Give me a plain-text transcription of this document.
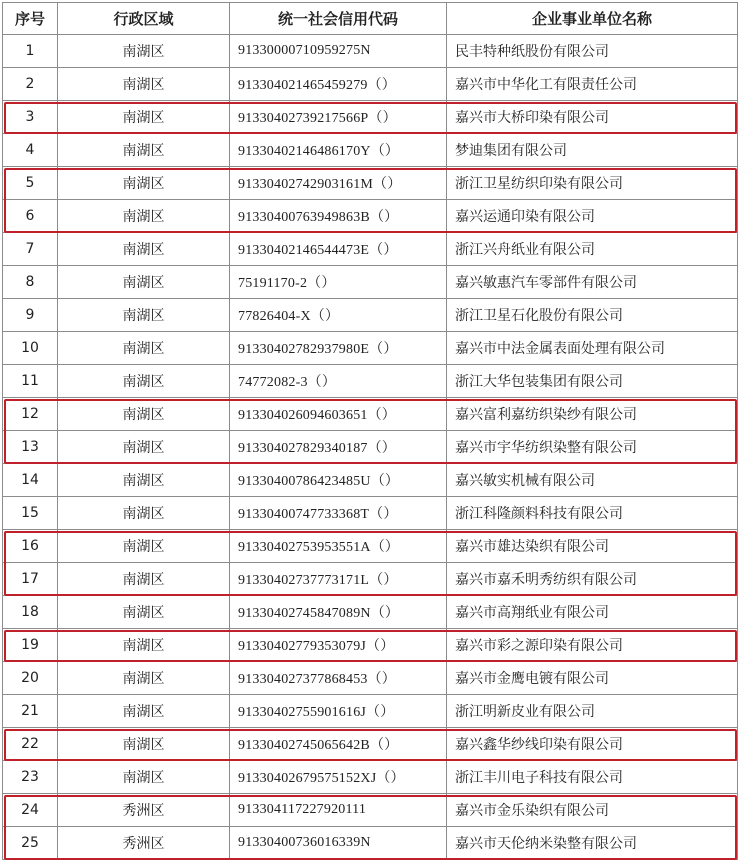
序号	行政区域	统一社会信用代码	企业事业单位名称
1	南湖区	91330000710959275N	民丰特种纸股份有限公司
2	南湖区	913304021465459279（）	嘉兴市中华化工有限责任公司
3	南湖区	91330402739217566P（）	嘉兴市大桥印染有限公司
4	南湖区	91330402146486170Y（）	梦迪集团有限公司
5	南湖区	91330402742903161M（）	浙江卫星纺织印染有限公司
6	南湖区	91330400763949863B（）	嘉兴运通印染有限公司
7	南湖区	91330402146544473E（）	浙江兴舟纸业有限公司
8	南湖区	75191170-2（）	嘉兴敏惠汽车零部件有限公司
9	南湖区	77826404-X（）	浙江卫星石化股份有限公司
10	南湖区	91330402782937980E（）	嘉兴市中法金属表面处理有限公司
11	南湖区	74772082-3（）	浙江大华包装集团有限公司
12	南湖区	913304026094603651（）	嘉兴富利嘉纺织染纱有限公司
13	南湖区	913304027829340187（）	嘉兴市宇华纺织染整有限公司
14	南湖区	91330400786423485U（）	嘉兴敏实机械有限公司
15	南湖区	91330400747733368T（）	浙江科隆颜料科技有限公司
16	南湖区	91330402753953551A（）	嘉兴市雄达染织有限公司
17	南湖区	91330402737773171L（）	嘉兴市嘉禾明秀纺织有限公司
18	南湖区	91330402745847089N（）	嘉兴市高翔纸业有限公司
19	南湖区	91330402779353079J（）	嘉兴市彩之源印染有限公司
20	南湖区	913304027377868453（）	嘉兴市金鹰电镀有限公司
21	南湖区	91330402755901616J（）	浙江明新皮业有限公司
22	南湖区	91330402745065642B（）	嘉兴鑫华纱线印染有限公司
23	南湖区	91330402679575152XJ（）	浙江丰川电子科技有限公司
24	秀洲区	913304117227920111	嘉兴市金乐染织有限公司
25	秀洲区	91330400736016339N	嘉兴市天伦纳米染整有限公司
